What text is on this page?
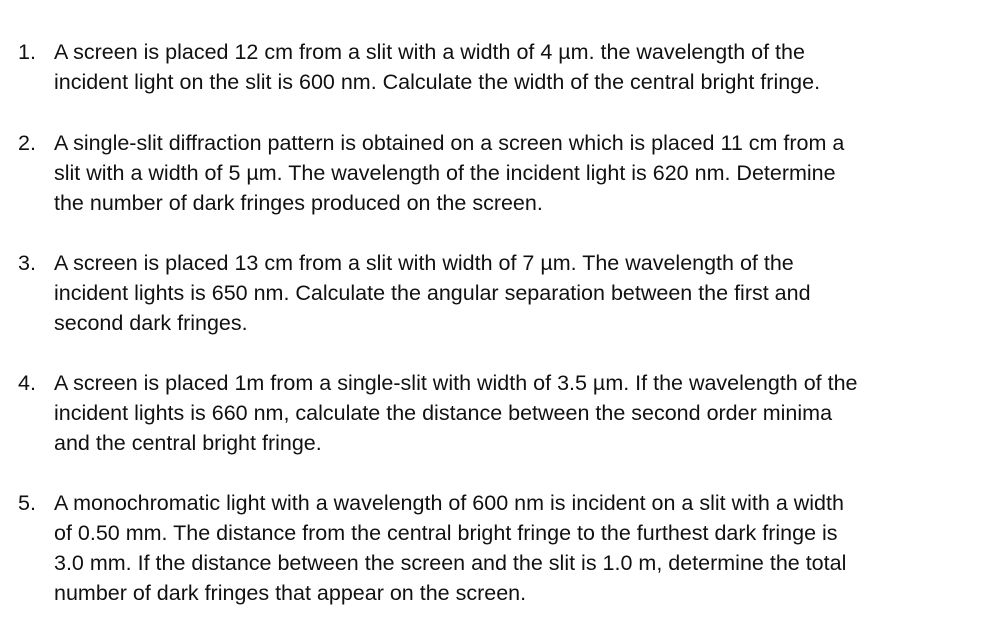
1. A screen is placed 12 cm from a slit with a width of 4 µm. the wavelength of the
incident light on the slit is 600 nm. Calculate the width of the central bright fringe.
2. A single-slit diffraction pattern is obtained on a screen which is placed 11 cm from a
slit with a width of 5 µm. The wavelength of the incident light is 620 nm. Determine
the number of dark fringes produced on the screen.
3. A screen is placed 13 cm from a slit with width of 7 µm. The wavelength of the
incident lights is 650 nm. Calculate the angular separation between the first and
second dark fringes.
4. A screen is placed 1m from a single-slit with width of 3.5 µm. If the wavelength of the
incident lights is 660 nm, calculate the distance between the second order minima
and the central bright fringe.
5. A monochromatic light with a wavelength of 600 nm is incident on a slit with a width
of 0.50 mm. The distance from the central bright fringe to the furthest dark fringe is
3.0 mm. If the distance between the screen and the slit is 1.0 m, determine the total
number of dark fringes that appear on the screen.
